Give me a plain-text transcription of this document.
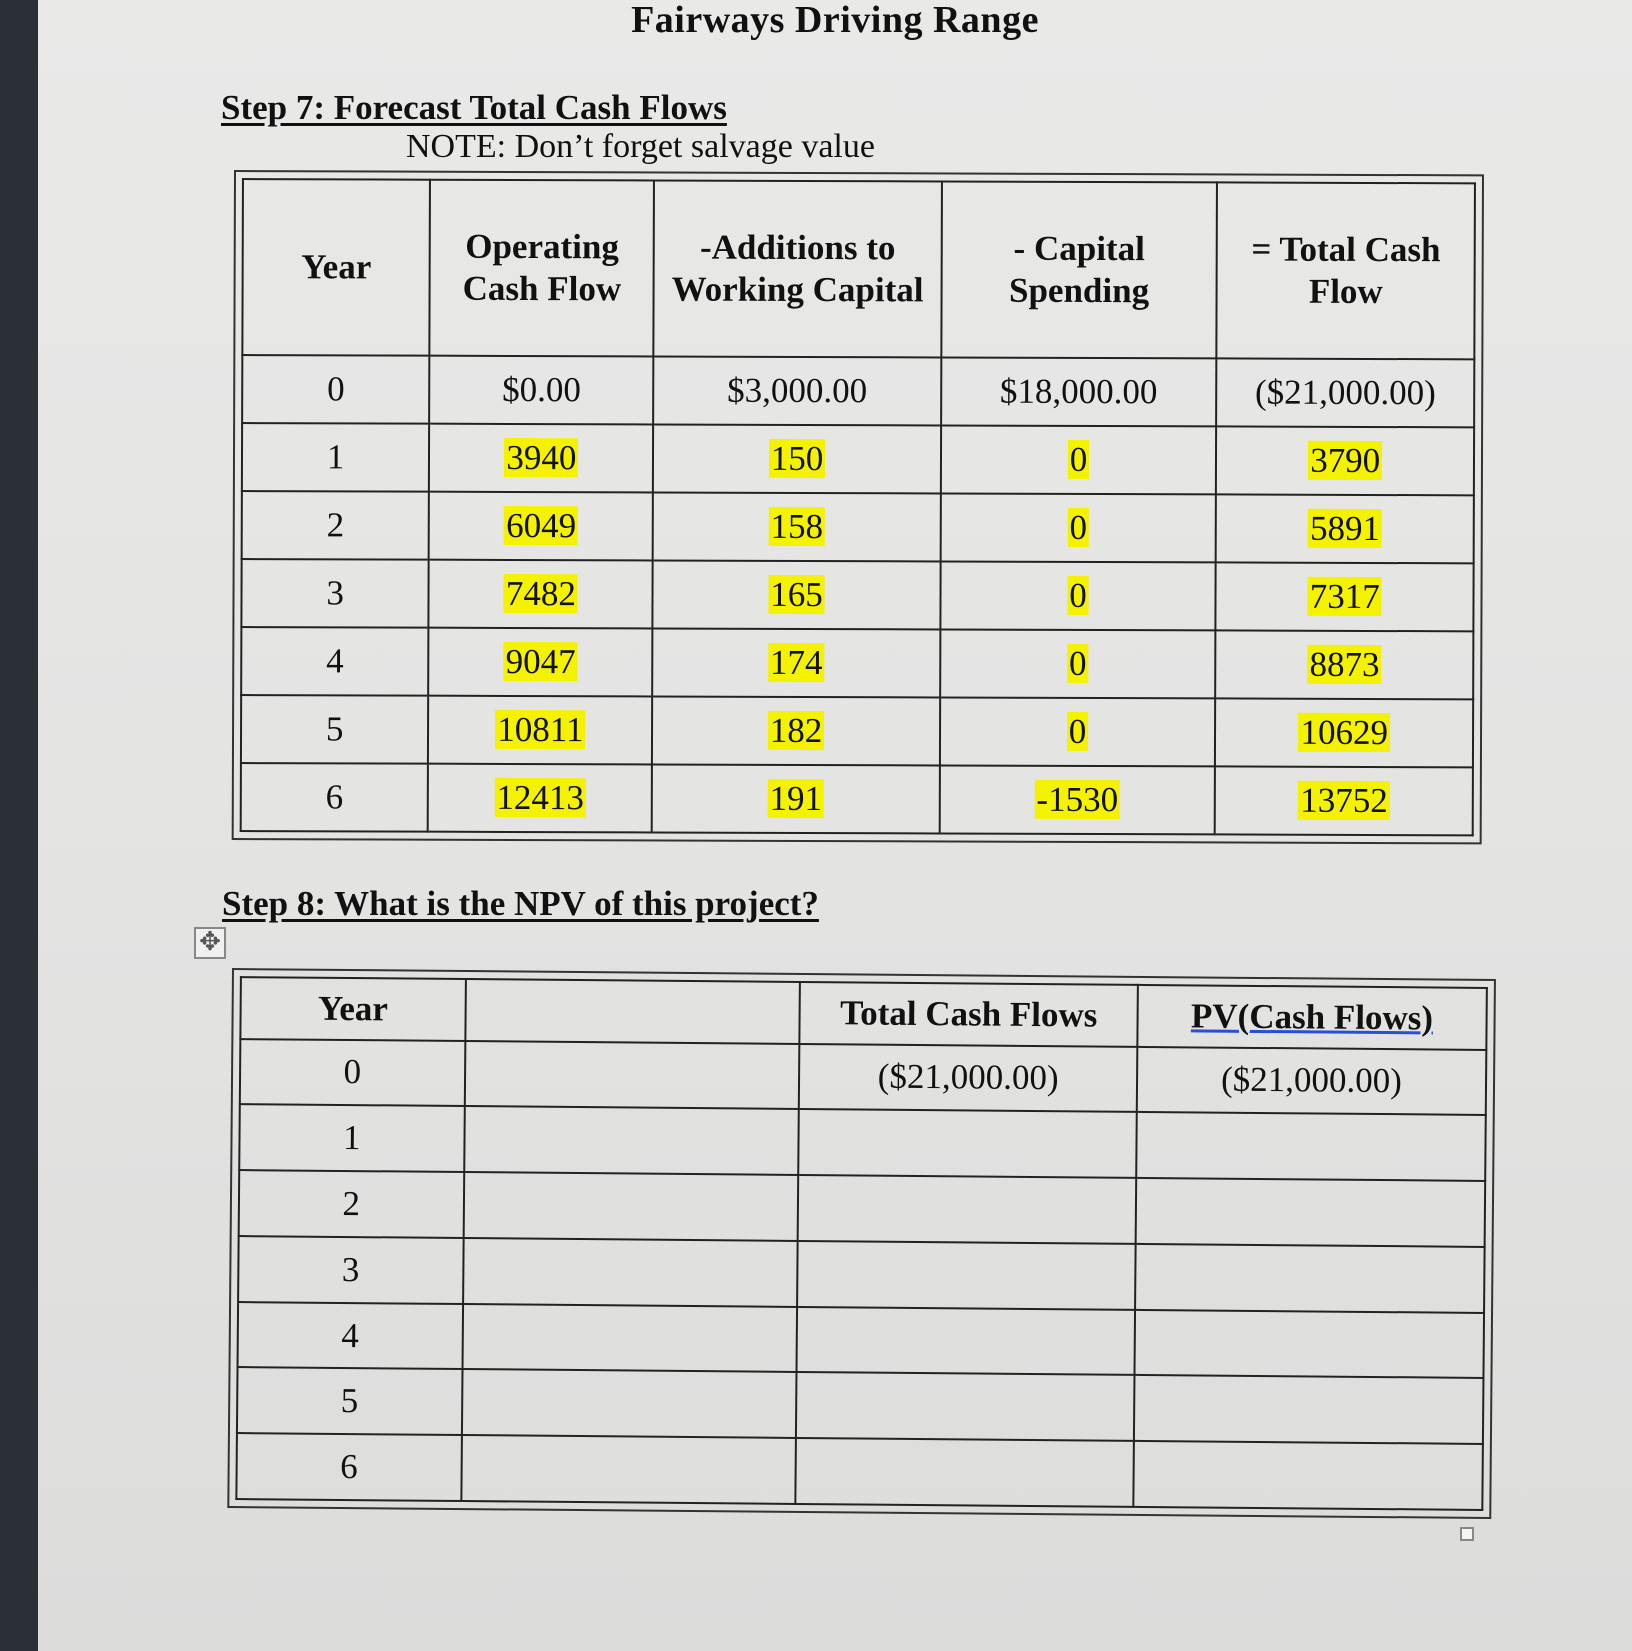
Fairways Driving Range
Step 7: Forecast Total Cash Flows
NOTE: Don’t forget salvage value
Year	Operating Cash Flow	-Additions to Working Capital	- Capital Spending	= Total Cash Flow
0	$0.00	$3,000.00	$18,000.00	($21,000.00)
1	3940	150	0	3790
2	6049	158	0	5891
3	7482	165	0	7317
4	9047	174	0	8873
5	10811	182	0	10629
6	12413	191	-1530	13752
Step 8: What is the NPV of this project?
✥
Year		Total Cash Flows	PV(Cash Flows)
0		($21,000.00)	($21,000.00)
1			
2			
3			
4			
5			
6			
